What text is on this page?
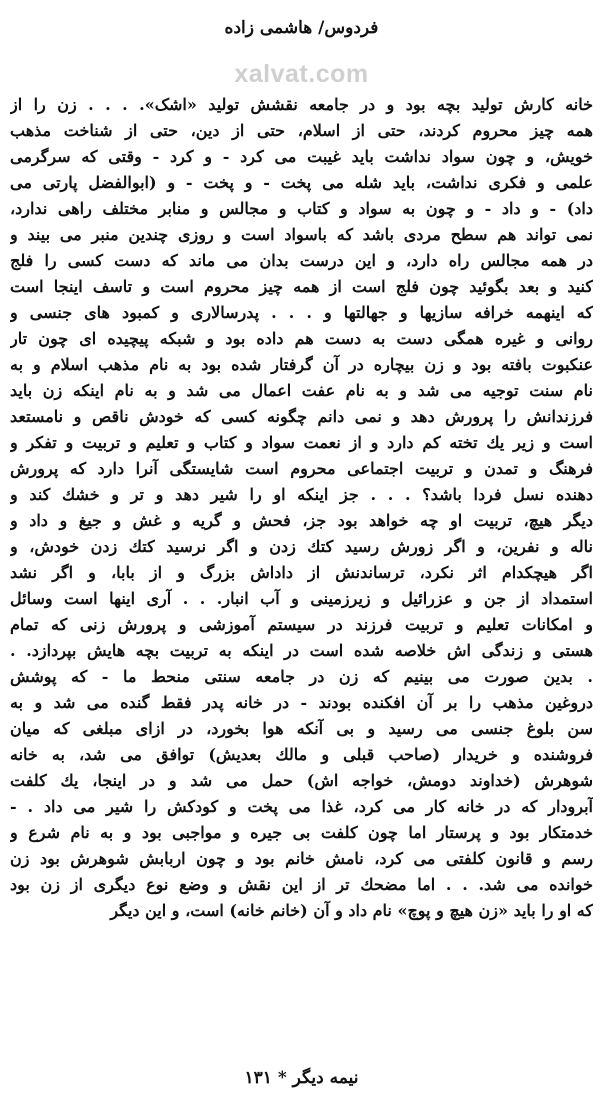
فردوس/ هاشمی زاده
xalvat.com
خانه کارش تولید بچه بود و در جامعه نقشش تولید «اشک». . . . زن را از
همه چیز محروم کردند، حتی از اسلام، حتی از دین، حتی از شناخت مذهب
خویش، و چون سواد نداشت باید غیبت می کرد - و کرد - وقتی که سرگرمی
علمی و فکری نداشت، باید شله می پخت - و پخت - و (ابوالفضل پارتی می
داد) - و داد - و چون به سواد و کتاب و مجالس و منابر مختلف راهی ندارد،
نمی تواند هم سطح مردی باشد که باسواد است و روزی چندین منبر می بیند و
در همه مجالس راه دارد، و این درست بدان می ماند که دست کسی را فلج
کنید و بعد بگوئید چون فلج است از همه چیز محروم است و تاسف اینجا است
که اینهمه خرافه سازیها و جهالتها و . . . پدرسالاری و کمبود های جنسی و
روانی و غیره همگی دست به دست هم داده بود و شبکه پیچیده ای چون تار
عنکبوت بافته بود و زن بیچاره در آن گرفتار شده بود به نام مذهب اسلام و به
نام سنت توجیه می شد و به نام عفت اعمال می شد و به نام اینکه زن باید
فرزندانش را پرورش دهد و نمی دانم چگونه کسی که خودش ناقص و نامستعد
است و زیر یك تخته کم دارد و از نعمت سواد و کتاب و تعلیم و تربیت و تفکر و
فرهنگ و تمدن و تربیت اجتماعی محروم است شایستگی آنرا دارد که پرورش
دهنده نسل فردا باشد؟ . . . جز اینکه او را شیر دهد و تر و خشك کند و
دیگر هیچ، تربیت او چه خواهد بود جز، فحش و گریه و غش و جیغ و داد و
ناله و نفرین، و اگر زورش رسید کتك زدن و اگر نرسید کتك زدن خودش، و
اگر هیچکدام اثر نکرد، ترساندنش از داداش بزرگ و از بابا، و اگر نشد
استمداد از جن و عزرائیل و زیرزمینی و آب انبار. . . آری اینها است وسائل
و امکانات تعلیم و تربیت فرزند در سیستم آموزشی و پرورش زنی که تمام
هستی و زندگی اش خلاصه شده است در اینکه به تربیت بچه هایش بپردازد. .
. بدین صورت می بینیم که زن در جامعه سنتی منحط ما - که پوشش
دروغین مذهب را بر آن افکنده بودند - در خانه پدر فقط گنده می شد و به
سن بلوغ جنسی می رسید و بی آنکه هوا بخورد، در ازای مبلغی که میان
فروشنده و خریدار (صاحب قبلی و مالك بعدیش) توافق می شد، به خانه
شوهرش (خداوند دومش، خواجه اش) حمل می شد و در اینجا، یك کلفت
آبرودار که در خانه کار می کرد، غذا می پخت و کودکش را شیر می داد . -
خدمتکار بود و پرستار اما چون کلفت بی جیره و مواجبی بود و به نام شرع و
رسم و قانون کلفتی می کرد، نامش خانم بود و چون اربابش شوهرش بود زن
خوانده می شد. . . اما مضحك تر از این نقش و وضع نوع دیگری از زن بود
که او را باید «زن هیچ و پوچ» نام داد و آن (خانم خانه) است، و این دیگر
نیمه دیگر * ۱۳۱
